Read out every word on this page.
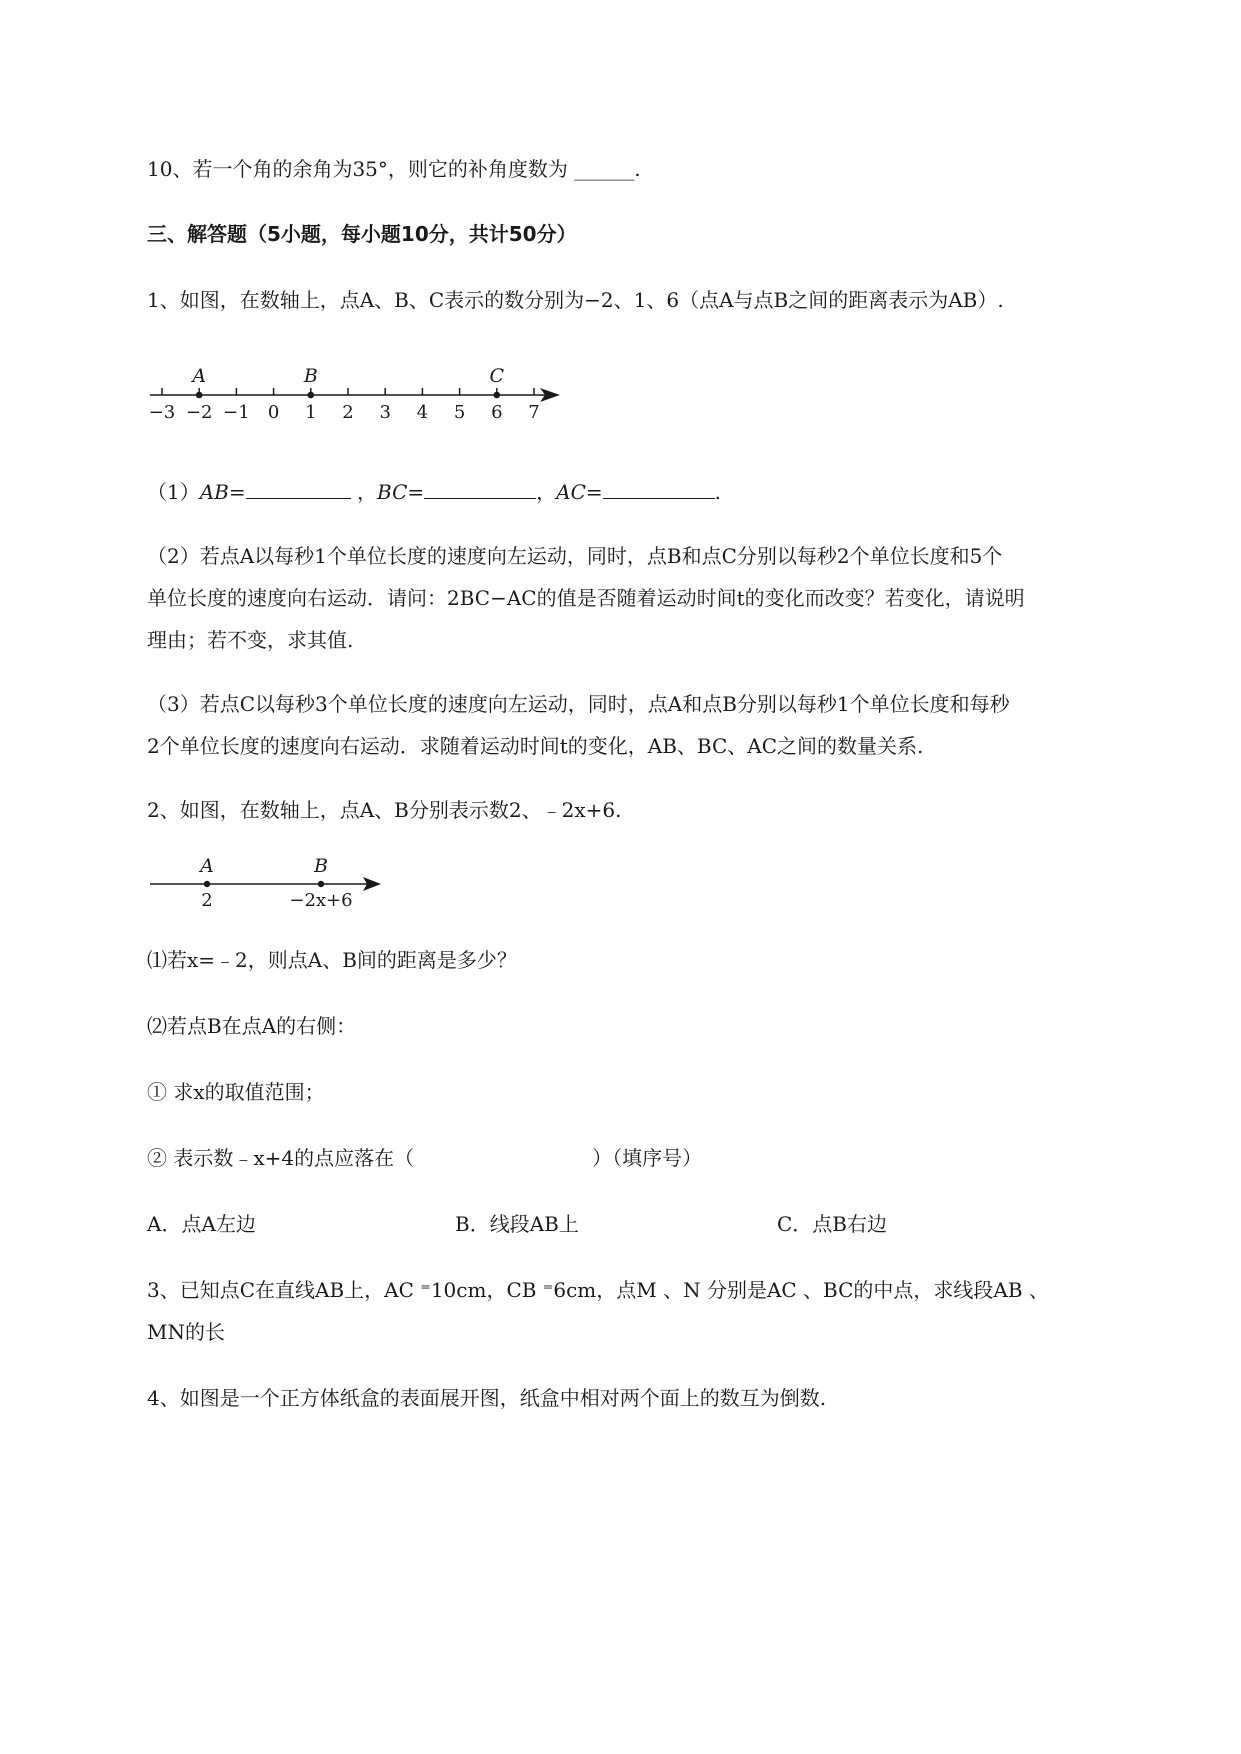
10、若一个角的余角为35°，则它的补角度数为 ______.
三、解答题（5小题，每小题10分，共计50分）
1、如图，在数轴上，点A、B、C表示的数分别为−2、1、6（点A与点B之间的距离表示为AB）.
−3 −2 −1 0 1 2 3 4 5 6 7
A	B	C
（1）AB=	，BC=	，AC=	.
（2）若点A以每秒1个单位长度的速度向左运动，同时，点B和点C分别以每秒2个单位长度和5个
单位长度的速度向右运动．请问：2BC−AC的值是否随着运动时间t的变化而改变？若变化，请说明
理由；若不变，求其值.
（3）若点C以每秒3个单位长度的速度向左运动，同时，点A和点B分别以每秒1个单位长度和每秒
2个单位长度的速度向右运动．求随着运动时间t的变化，AB、BC、AC之间的数量关系.
2、如图，在数轴上，点A、B分别表示数2、﹣2x+6.
A	B
2	−2x+6
⑴若x=﹣2，则点A、B间的距离是多少？
⑵若点B在点A的右侧：
① 求x的取值范围；
② 表示数﹣x+4的点应落在（	）（填序号）
A．点A左边	B．线段AB上	C．点B右边
3、已知点C在直线AB上，AC ⁼10cm，CB ⁼6cm，点M 、N 分别是AC 、BC的中点，求线段AB 、
MN的长
4、如图是一个正方体纸盒的表面展开图，纸盒中相对两个面上的数互为倒数.
